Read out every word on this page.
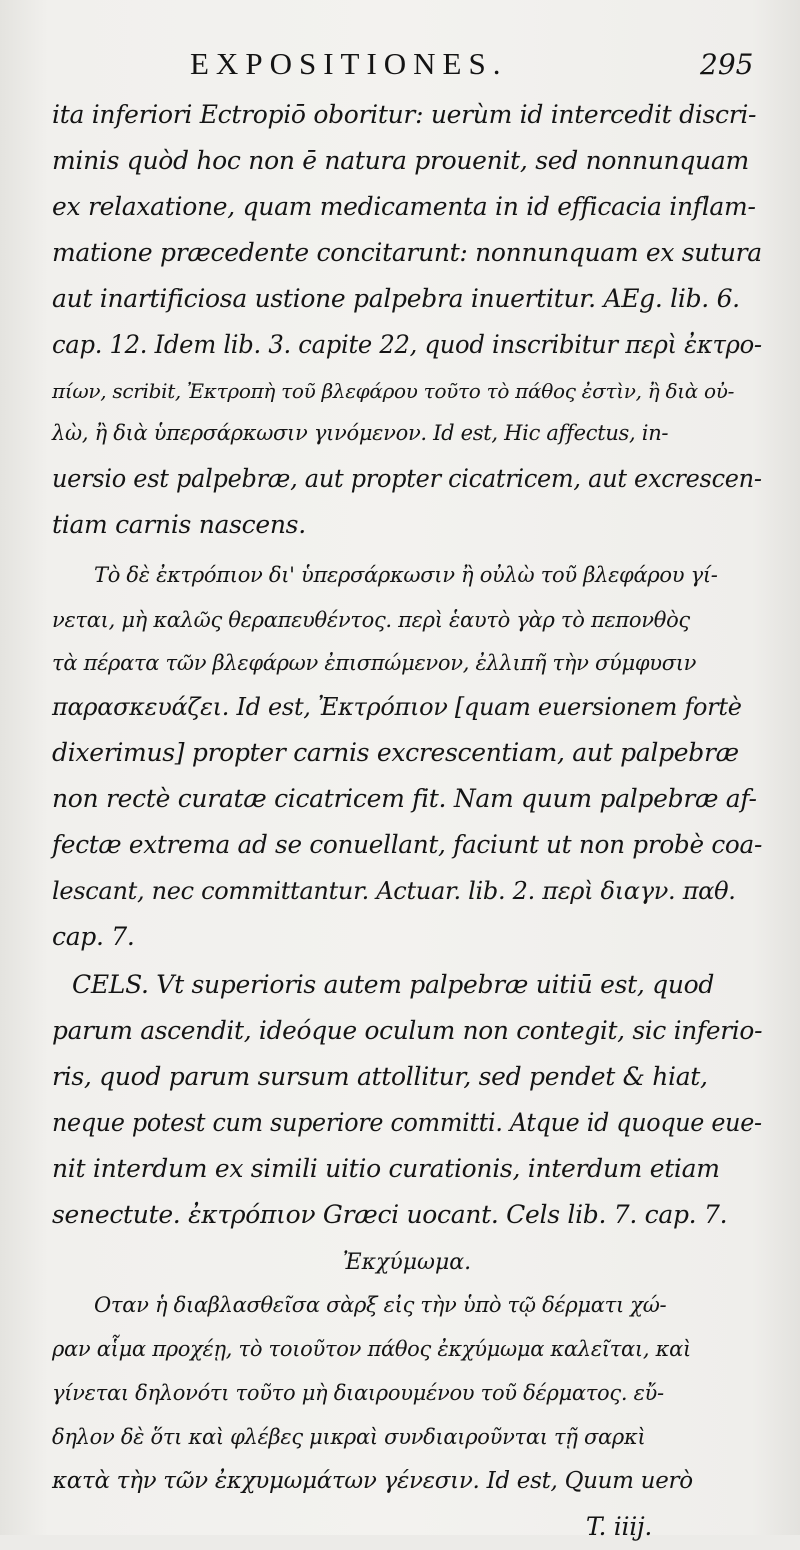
EXPOSITIONES.	295
ita inferiori Ectropiō oboritur: uerùm id intercedit discri-
minis quòd hoc non ē natura prouenit, sed nonnunquam
ex relaxatione, quam medicamenta in id efficacia inflam-
matione præcedente concitarunt: nonnunquam ex sutura
aut inartificiosa ustione palpebra inuertitur. AEg. lib. 6.
cap. 12. Idem lib. 3. capite 22, quod inscribitur περὶ ἐκτρο-
πίων, scribit, Ἐκτροπὴ τοῦ βλεφάρου τοῦτο τὸ πάθος ἐστὶν, ἢ διὰ οὐ-
λὼ, ἢ διὰ ὑπερσάρκωσιν γινόμενον. Id est, Hic affectus, in-
uersio est palpebræ, aut propter cicatricem, aut excrescen-
tiam carnis nascens.
Τὸ δὲ ἐκτρόπιον δι' ὑπερσάρκωσιν ἢ οὐλὼ τοῦ βλεφάρου γί-
νεται, μὴ καλῶς θεραπευθέντος. περὶ ἑαυτὸ γὰρ τὸ πεπονθὸς
τὰ πέρατα τῶν βλεφάρων ἐπισπώμενον, ἐλλιπῆ τὴν σύμφυσιν
παρασκευάζει. Id est, Ἐκτρόπιον [quam euersionem fortè
dixerimus] propter carnis excrescentiam, aut palpebræ
non rectè curatæ cicatricem fit. Nam quum palpebræ af-
fectæ extrema ad se conuellant, faciunt ut non probè coa-
lescant, nec committantur. Actuar. lib. 2. περὶ διαγν. παθ.
cap. 7.
CELS. Vt superioris autem palpebræ uitiū est, quod
parum ascendit, ideóque oculum non contegit, sic inferio-
ris, quod parum sursum attollitur, sed pendet & hiat,
neque potest cum superiore committi. Atque id quoque eue-
nit interdum ex simili uitio curationis, interdum etiam
senectute. ἐκτρόπιον Græci uocant. Cels lib. 7. cap. 7.
Ἐκχύμωμα.
Οταν ἡ διαβλασθεῖσα σὰρξ εἰς τὴν ὑπὸ τῷ δέρματι χώ-
ραν αἷμα προχέῃ, τὸ τοιοῦτον πάθος ἐκχύμωμα καλεῖται, καὶ
γίνεται δηλονότι τοῦτο μὴ διαιρουμένου τοῦ δέρματος. εὔ-
δηλον δὲ ὅτι καὶ φλέβες μικραὶ συνδιαιροῦνται τῇ σαρκὶ
κατὰ τὴν τῶν ἐκχυμωμάτων γένεσιν. Id est, Quum uerò
T. iiij.
